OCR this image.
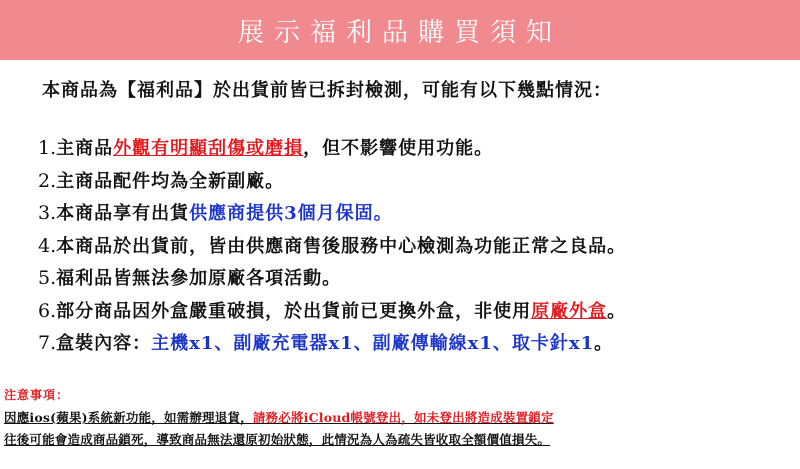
展示福利品購買須知
本商品為【福利品】於出貨前皆已拆封檢測，可能有以下幾點情況：
1.主商品外觀有明顯刮傷或磨損，但不影響使用功能。
2.主商品配件均為全新副廠。
3.本商品享有出貨供應商提供3個月保固。
4.本商品於出貨前，皆由供應商售後服務中心檢測為功能正常之良品。
5.福利品皆無法參加原廠各項活動。
6.部分商品因外盒嚴重破損，於出貨前已更換外盒，非使用原廠外盒。
7.盒裝內容：主機x1、副廠充電器x1、副廠傳輸線x1、取卡針x1。
注意事項：
因應ios(蘋果)系統新功能，如需辦理退貨，請務必將iCloud帳號登出，如未登出將造成裝置鎖定
往後可能會造成商品鎖死，導致商品無法還原初始狀態，此情況為人為疏失皆收取全額價值損失。
